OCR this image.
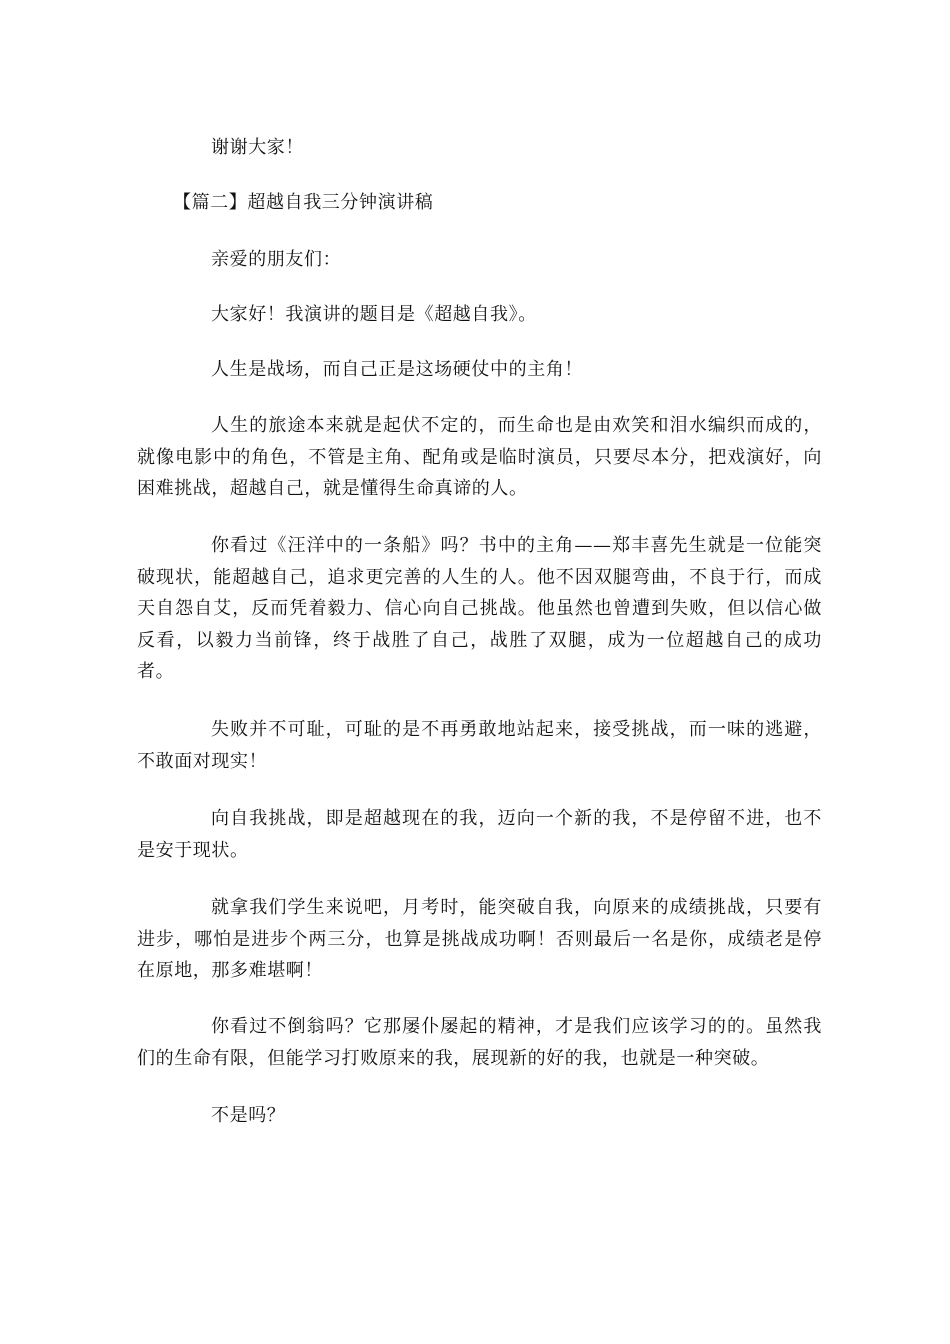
谢谢大家！

【篇二】超越自我三分钟演讲稿

亲爱的朋友们：

大家好！我演讲的题目是《超越自我》。

人生是战场，而自己正是这场硬仗中的主角！

人生的旅途本来就是起伏不定的，而生命也是由欢笑和泪水编织而成的，就像电影中的角色，不管是主角、配角或是临时演员，只要尽本分，把戏演好，向困难挑战，超越自己，就是懂得生命真谛的人。

你看过《汪洋中的一条船》吗？书中的主角——郑丰喜先生就是一位能突破现状，能超越自己，追求更完善的人生的人。他不因双腿弯曲，不良于行，而成天自怨自艾，反而凭着毅力、信心向自己挑战。他虽然也曾遭到失败，但以信心做反看，以毅力当前锋，终于战胜了自己，战胜了双腿，成为一位超越自己的成功者。

失败并不可耻，可耻的是不再勇敢地站起来，接受挑战，而一味的逃避，不敢面对现实！

向自我挑战，即是超越现在的我，迈向一个新的我，不是停留不进，也不是安于现状。

就拿我们学生来说吧，月考时，能突破自我，向原来的成绩挑战，只要有进步，哪怕是进步个两三分，也算是挑战成功啊！否则最后一名是你，成绩老是停在原地，那多难堪啊！

你看过不倒翁吗？它那屡仆屡起的精神，才是我们应该学习的的。虽然我们的生命有限，但能学习打败原来的我，展现新的好的我，也就是一种突破。

不是吗？
